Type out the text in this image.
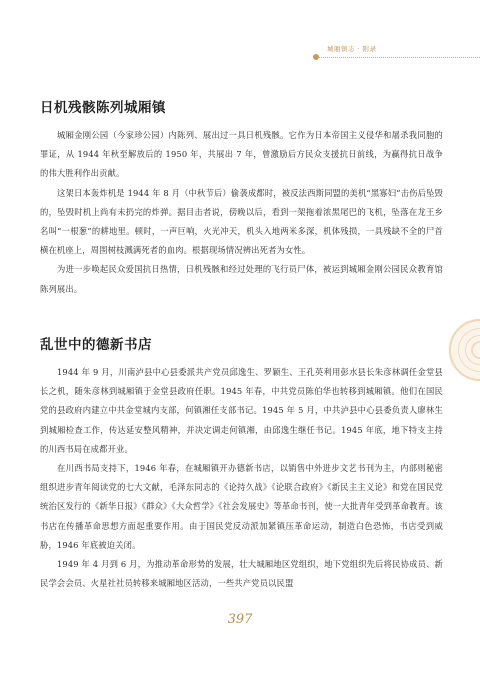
城厢镇志 · 附录
日机残骸陈列城厢镇

城厢金刚公园（今家珍公园）内陈列、展出过一具日机残骸。它作为日本帝国主义侵华和屠杀我同胞的罪证，从 1944 年秋至解放后的 1950 年，共展出 7 年，曾激励后方民众支援抗日前线，为赢得抗日战争的伟大胜利作出贡献。

这架日本轰炸机是 1944 年 8 月（中秋节后）偷袭成都时，被反法西斯同盟的美机“黑寡妇”击伤后坠毁的，坠毁时机上尚有未扔完的炸弹。据目击者说，傍晚以后，看到一架拖着浓黑尾巴的飞机，坠落在龙王乡名叫“一根葱”的耕地里。顿时，一声巨响，火光冲天，机头入地两米多深，机体残损，一具残缺不全的尸首横在机座上，周围树枝溅满死者的血肉。根据现场情况辨出死者为女性。

为进一步唤起民众爱国抗日热情，日机残骸和经过处理的飞行员尸体，被运到城厢金刚公园民众教育馆陈列展出。

乱世中的德新书店

1944 年 9 月，川南泸县中心县委派共产党员邱逸生、罗颖生、王孔英利用彭水县长朱彦林调任金堂县长之机，随朱彦林到城厢镇于金堂县政府任职。1945 年春，中共党员陈伯华也转移到城厢镇。他们在国民党的县政府内建立中共金堂城内支部，何镇湘任支部书记。1945 年 5 月，中共泸县中心县委负责人廖林生到城厢检查工作，传达延安整风精神，并决定调走何镇湘，由邱逸生继任书记。1945 年底，地下特支主持的川西书局在成都开业。

在川西书局支持下，1946 年春，在城厢镇开办德新书店，以销售中外进步文艺书刊为主，内部则秘密组织进步青年阅读党的七大文献，毛泽东同志的《论持久战》《论联合政府》《新民主主义论》和党在国民党统治区发行的《新华日报》《群众》《大众哲学》《社会发展史》等革命书刊，使一大批青年受到革命教育。该书店在传播革命思想方面起重要作用。由于国民党反动派加紧镇压革命运动，制造白色恐怖，书店受到威胁，1946 年底被迫关闭。

1949 年 4 月到 6 月，为推动革命形势的发展，壮大城厢地区党组织，地下党组织先后将民协成员、新民学会会员、火星社社员转移来城厢地区活动，一些共产党员以民盟

397
